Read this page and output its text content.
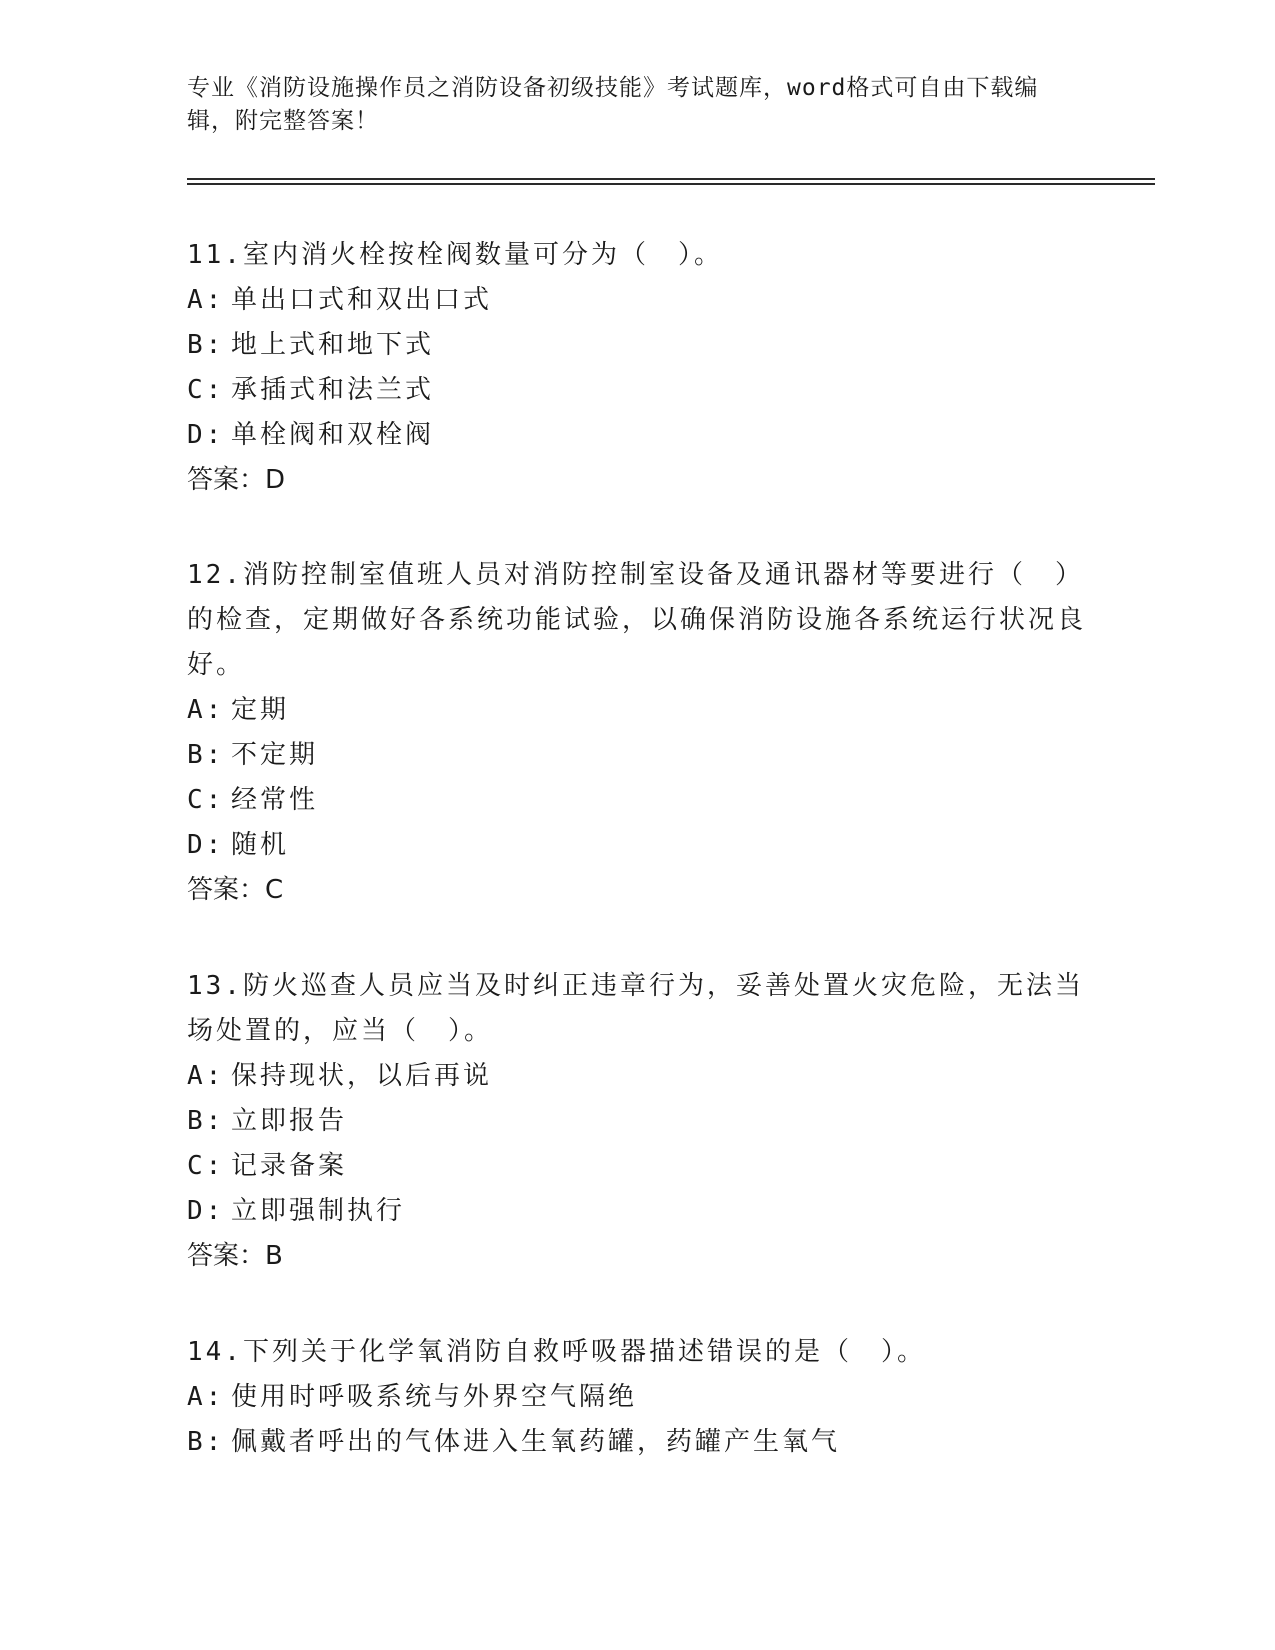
专业《消防设施操作员之消防设备初级技能》考试题库，word格式可自由下载编辑，附完整答案！

11.室内消火栓按栓阀数量可分为（　）。

A: 单出口式和双出口式

B: 地上式和地下式

C: 承插式和法兰式

D: 单栓阀和双栓阀

答案：D

12.消防控制室值班人员对消防控制室设备及通讯器材等要进行（　）的检查，定期做好各系统功能试验，以确保消防设施各系统运行状况良好。

A: 定期

B: 不定期

C: 经常性

D: 随机

答案：C

13.防火巡查人员应当及时纠正违章行为，妥善处置火灾危险，无法当场处置的，应当（　）。

A: 保持现状，以后再说

B: 立即报告

C: 记录备案

D: 立即强制执行

答案：B

14.下列关于化学氧消防自救呼吸器描述错误的是（　）。

A: 使用时呼吸系统与外界空气隔绝

B: 佩戴者呼出的气体进入生氧药罐，药罐产生氧气
